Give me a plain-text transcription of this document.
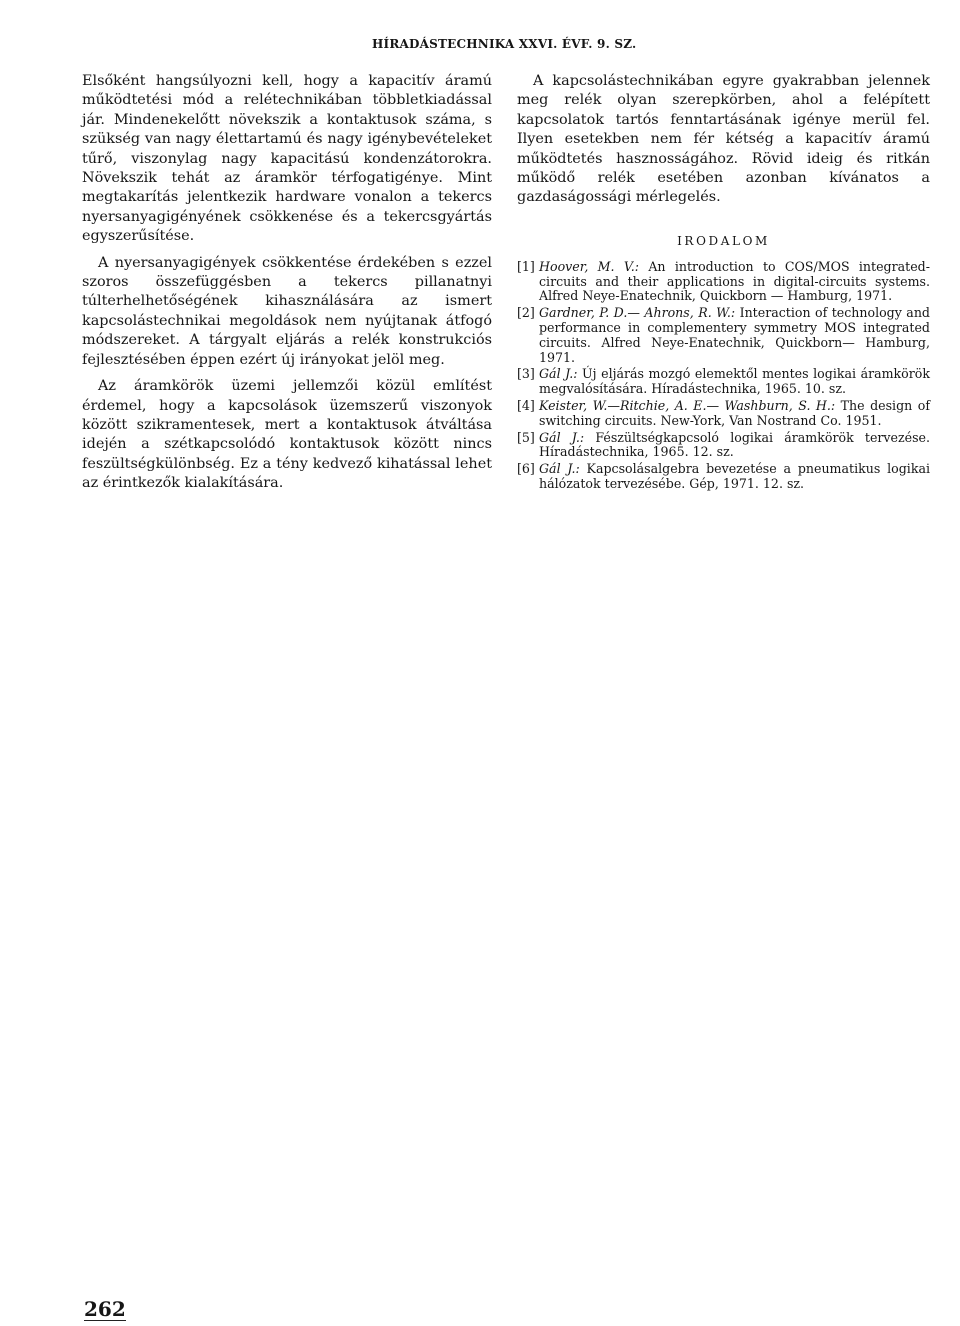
HÍRADÁSTECHNIKA XXVI. ÉVF. 9. SZ.

Elsőként hangsúlyozni kell, hogy a kapacitív áramú működtetési mód a relétechnikában többletkiadással jár. Mindenekelőtt növekszik a kontaktusok száma, s szükség van nagy élettartamú és nagy igénybevételeket tűrő, viszonylag nagy kapacitású kondenzátorokra. Növekszik tehát az áramkör térfogatigénye. Mint megtakarítás jelentkezik hardware vonalon a tekercs nyersanyagigényének csökkenése és a tekercsgyártás egyszerűsítése.

A nyersanyagigények csökkentése érdekében s ezzel szoros összefüggésben a tekercs pillanatnyi túlterhelhetőségének kihasználására az ismert kapcsolástechnikai megoldások nem nyújtanak átfogó módszereket. A tárgyalt eljárás a relék konstrukciós fejlesztésében éppen ezért új irányokat jelöl meg.

Az áramkörök üzemi jellemzői közül említést érdemel, hogy a kapcsolások üzemszerű viszonyok között szikramentesek, mert a kontaktusok átváltása idején a szétkapcsolódó kontaktusok között nincs feszültségkülönbség. Ez a tény kedvező kihatással lehet az érintkezők kialakítására.

A kapcsolástechnikában egyre gyakrabban jelennek meg relék olyan szerepkörben, ahol a felépített kapcsolatok tartós fenntartásának igénye merül fel. Ilyen esetekben nem fér kétség a kapacitív áramú működtetés hasznosságához. Rövid ideig és ritkán működő relék esetében azonban kívánatos a gazdaságossági mérlegelés.

IRODALOM
[1] Hoover, M. V.: An introduction to COS/MOS integrated-circuits and their applications in digital-circuits systems. Alfred Neye-Enatechnik, Quickborn — Hamburg, 1971.
[2] Gardner, P. D.— Ahrons, R. W.: Interaction of technology and performance in complementery symmetry MOS integrated circuits. Alfred Neye-Enatechnik, Quickborn— Hamburg, 1971.
[3] Gál J.: Új eljárás mozgó elemektől mentes logikai áramkörök megvalósítására. Híradástechnika, 1965. 10. sz.
[4] Keister, W.—Ritchie, A. E.— Washburn, S. H.: The design of switching circuits. New-York, Van Nostrand Co. 1951.
[5] Gál J.: Fészültségkapcsoló logikai áramkörök tervezése. Híradástechnika, 1965. 12. sz.
[6] Gál J.: Kapcsolásalgebra bevezetése a pneumatikus logikai hálózatok tervezésébe. Gép, 1971. 12. sz.
262
